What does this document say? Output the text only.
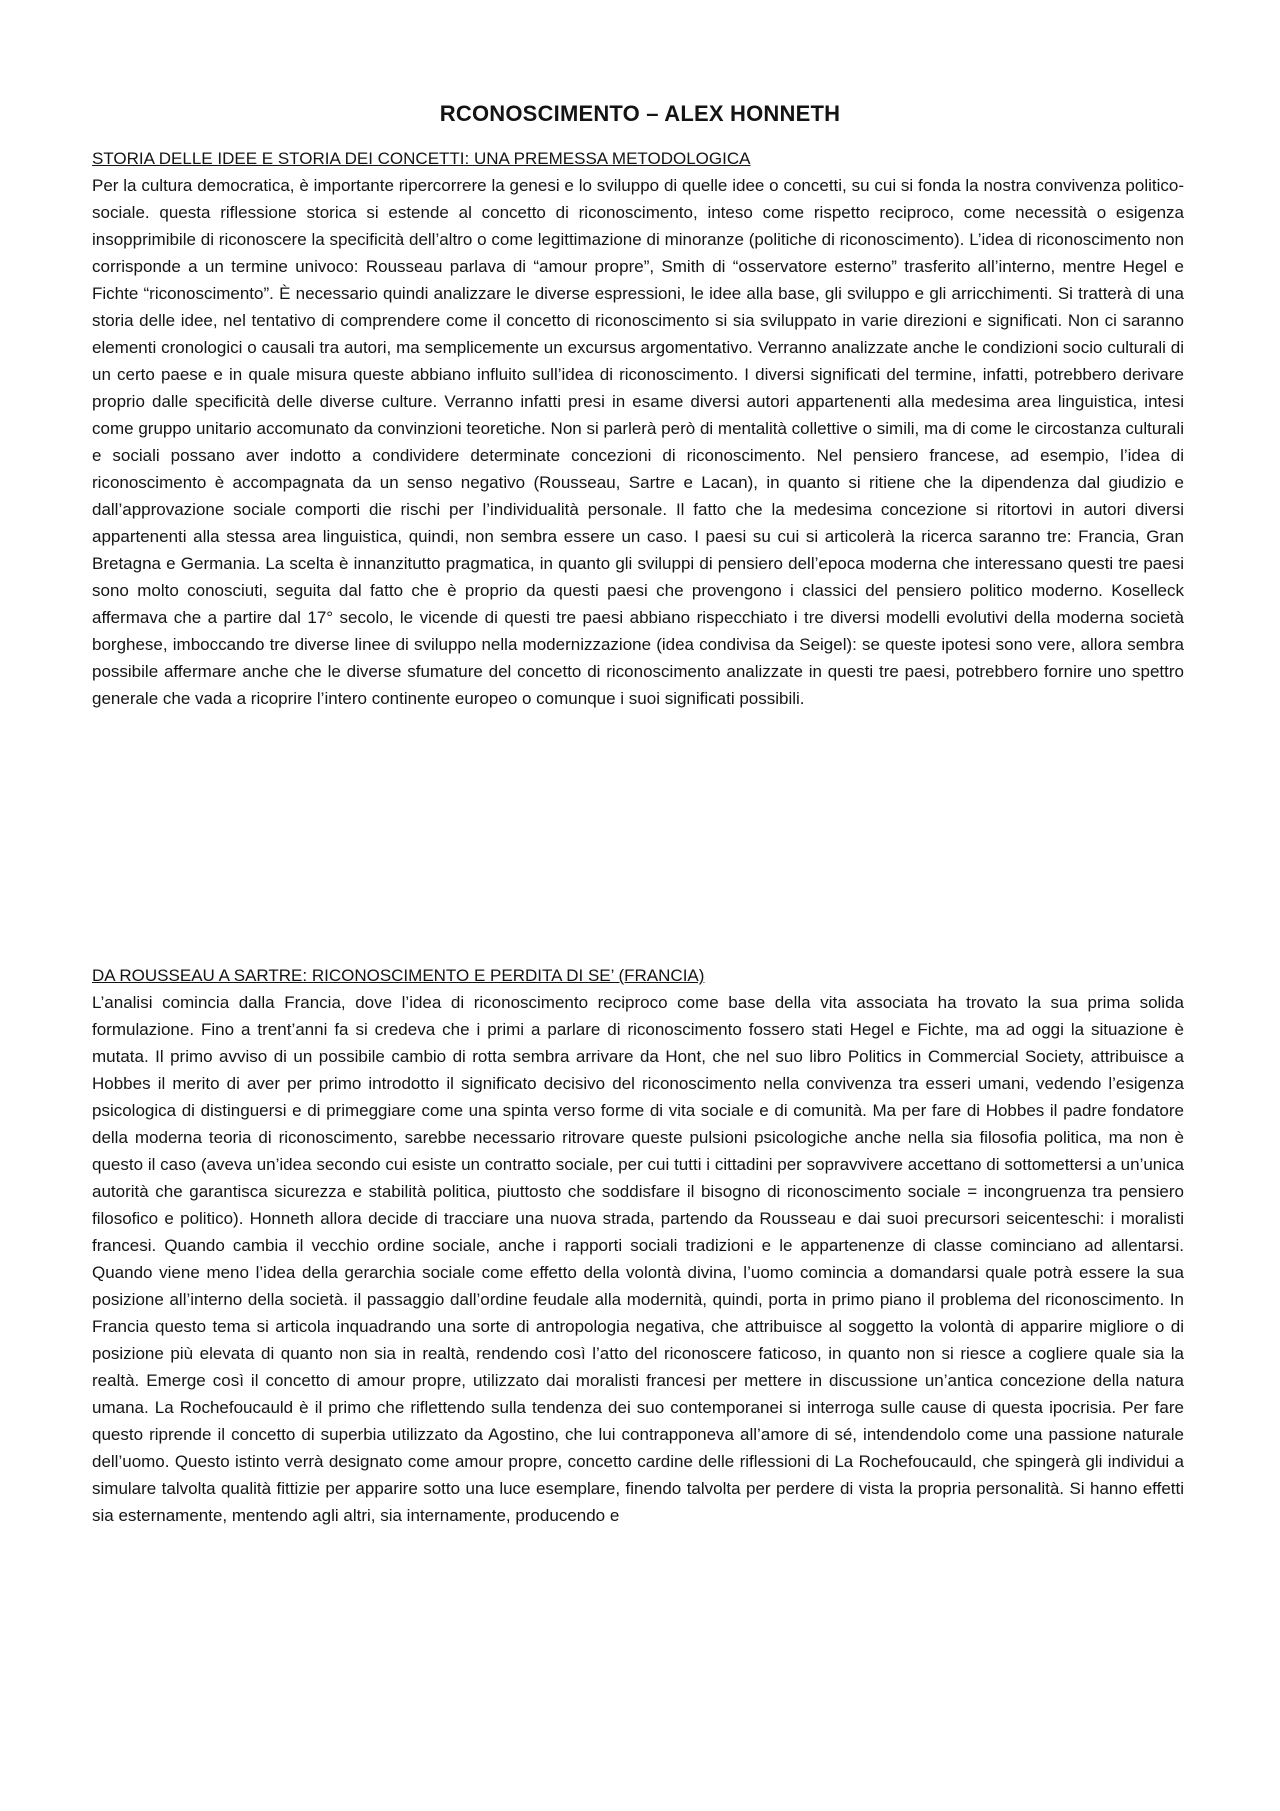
RCONOSCIMENTO – ALEX HONNETH
STORIA DELLE IDEE E STORIA DEI CONCETTI: UNA PREMESSA METODOLOGICA

Per la cultura democratica, è importante ripercorrere la genesi e lo sviluppo di quelle idee o concetti, su cui si fonda la nostra convivenza politico-sociale. questa riflessione storica si estende al concetto di riconoscimento, inteso come rispetto reciproco, come necessità o esigenza insopprimibile di riconoscere la specificità dell’altro o come legittimazione di minoranze (politiche di riconoscimento). L’idea di riconoscimento non corrisponde a un termine univoco: Rousseau parlava di “amour propre”, Smith di “osservatore esterno” trasferito all’interno, mentre Hegel e Fichte “riconoscimento”. È necessario quindi analizzare le diverse espressioni, le idee alla base, gli sviluppo e gli arricchimenti. Si tratterà di una storia delle idee, nel tentativo di comprendere come il concetto di riconoscimento si sia sviluppato in varie direzioni e significati. Non ci saranno elementi cronologici o causali tra autori, ma semplicemente un excursus argomentativo. Verranno analizzate anche le condizioni socio culturali di un certo paese e in quale misura queste abbiano influito sull’idea di riconoscimento. I diversi significati del termine, infatti, potrebbero derivare proprio dalle specificità delle diverse culture. Verranno infatti presi in esame diversi autori appartenenti alla medesima area linguistica, intesi come gruppo unitario accomunato da convinzioni teoretiche. Non si parlerà però di mentalità collettive o simili, ma di come le circostanza culturali e sociali possano aver indotto a condividere determinate concezioni di riconoscimento. Nel pensiero francese, ad esempio, l’idea di riconoscimento è accompagnata da un senso negativo (Rousseau, Sartre e Lacan), in quanto si ritiene che la dipendenza dal giudizio e dall’approvazione sociale comporti die rischi per l’individualità personale. Il fatto che la medesima concezione si ritortovi in autori diversi appartenenti alla stessa area linguistica, quindi, non sembra essere un caso. I paesi su cui si articolerà la ricerca saranno tre: Francia, Gran Bretagna e Germania. La scelta è innanzitutto pragmatica, in quanto gli sviluppi di pensiero dell’epoca moderna che interessano questi tre paesi sono molto conosciuti, seguita dal fatto che è proprio da questi paesi che provengono i classici del pensiero politico moderno. Koselleck affermava che a partire dal 17° secolo, le vicende di questi tre paesi abbiano rispecchiato i tre diversi modelli evolutivi della moderna società borghese, imboccando tre diverse linee di sviluppo nella modernizzazione (idea condivisa da Seigel): se queste ipotesi sono vere, allora sembra possibile affermare anche che le diverse sfumature del concetto di riconoscimento analizzate in questi tre paesi, potrebbero fornire uno spettro generale che vada a ricoprire l’intero continente europeo o comunque i suoi significati possibili.

DA ROUSSEAU A SARTRE: RICONOSCIMENTO E PERDITA DI SE’ (FRANCIA)

L’analisi comincia dalla Francia, dove l’idea di riconoscimento reciproco come base della vita associata ha trovato la sua prima solida formulazione. Fino a trent’anni fa si credeva che i primi a parlare di riconoscimento fossero stati Hegel e Fichte, ma ad oggi la situazione è mutata. Il primo avviso di un possibile cambio di rotta sembra arrivare da Hont, che nel suo libro Politics in Commercial Society, attribuisce a Hobbes il merito di aver per primo introdotto il significato decisivo del riconoscimento nella convivenza tra esseri umani, vedendo l’esigenza psicologica di distinguersi e di primeggiare come una spinta verso forme di vita sociale e di comunità. Ma per fare di Hobbes il padre fondatore della moderna teoria di riconoscimento, sarebbe necessario ritrovare queste pulsioni psicologiche anche nella sia filosofia politica, ma non è questo il caso (aveva un’idea secondo cui esiste un contratto sociale, per cui tutti i cittadini per sopravvivere accettano di sottomettersi a un’unica autorità che garantisca sicurezza e stabilità politica, piuttosto che soddisfare il bisogno di riconoscimento sociale = incongruenza tra pensiero filosofico e politico). Honneth allora decide di tracciare una nuova strada, partendo da Rousseau e dai suoi precursori seicenteschi: i moralisti francesi. Quando cambia il vecchio ordine sociale, anche i rapporti sociali tradizioni e le appartenenze di classe cominciano ad allentarsi. Quando viene meno l’idea della gerarchia sociale come effetto della volontà divina, l’uomo comincia a domandarsi quale potrà essere la sua posizione all’interno della società. il passaggio dall’ordine feudale alla modernità, quindi, porta in primo piano il problema del riconoscimento. In Francia questo tema si articola inquadrando una sorte di antropologia negativa, che attribuisce al soggetto la volontà di apparire migliore o di posizione più elevata di quanto non sia in realtà, rendendo così l’atto del riconoscere faticoso, in quanto non si riesce a cogliere quale sia la realtà. Emerge così il concetto di amour propre, utilizzato dai moralisti francesi per mettere in discussione un’antica concezione della natura umana. La Rochefoucauld è il primo che riflettendo sulla tendenza dei suo contemporanei si interroga sulle cause di questa ipocrisia. Per fare questo riprende il concetto di superbia utilizzato da Agostino, che lui contrapponeva all’amore di sé, intendendolo come una passione naturale dell’uomo. Questo istinto verrà designato come amour propre, concetto cardine delle riflessioni di La Rochefoucauld, che spingerà gli individui a simulare talvolta qualità fittizie per apparire sotto una luce esemplare, finendo talvolta per perdere di vista la propria personalità. Si hanno effetti sia esternamente, mentendo agli altri, sia internamente, producendo e
